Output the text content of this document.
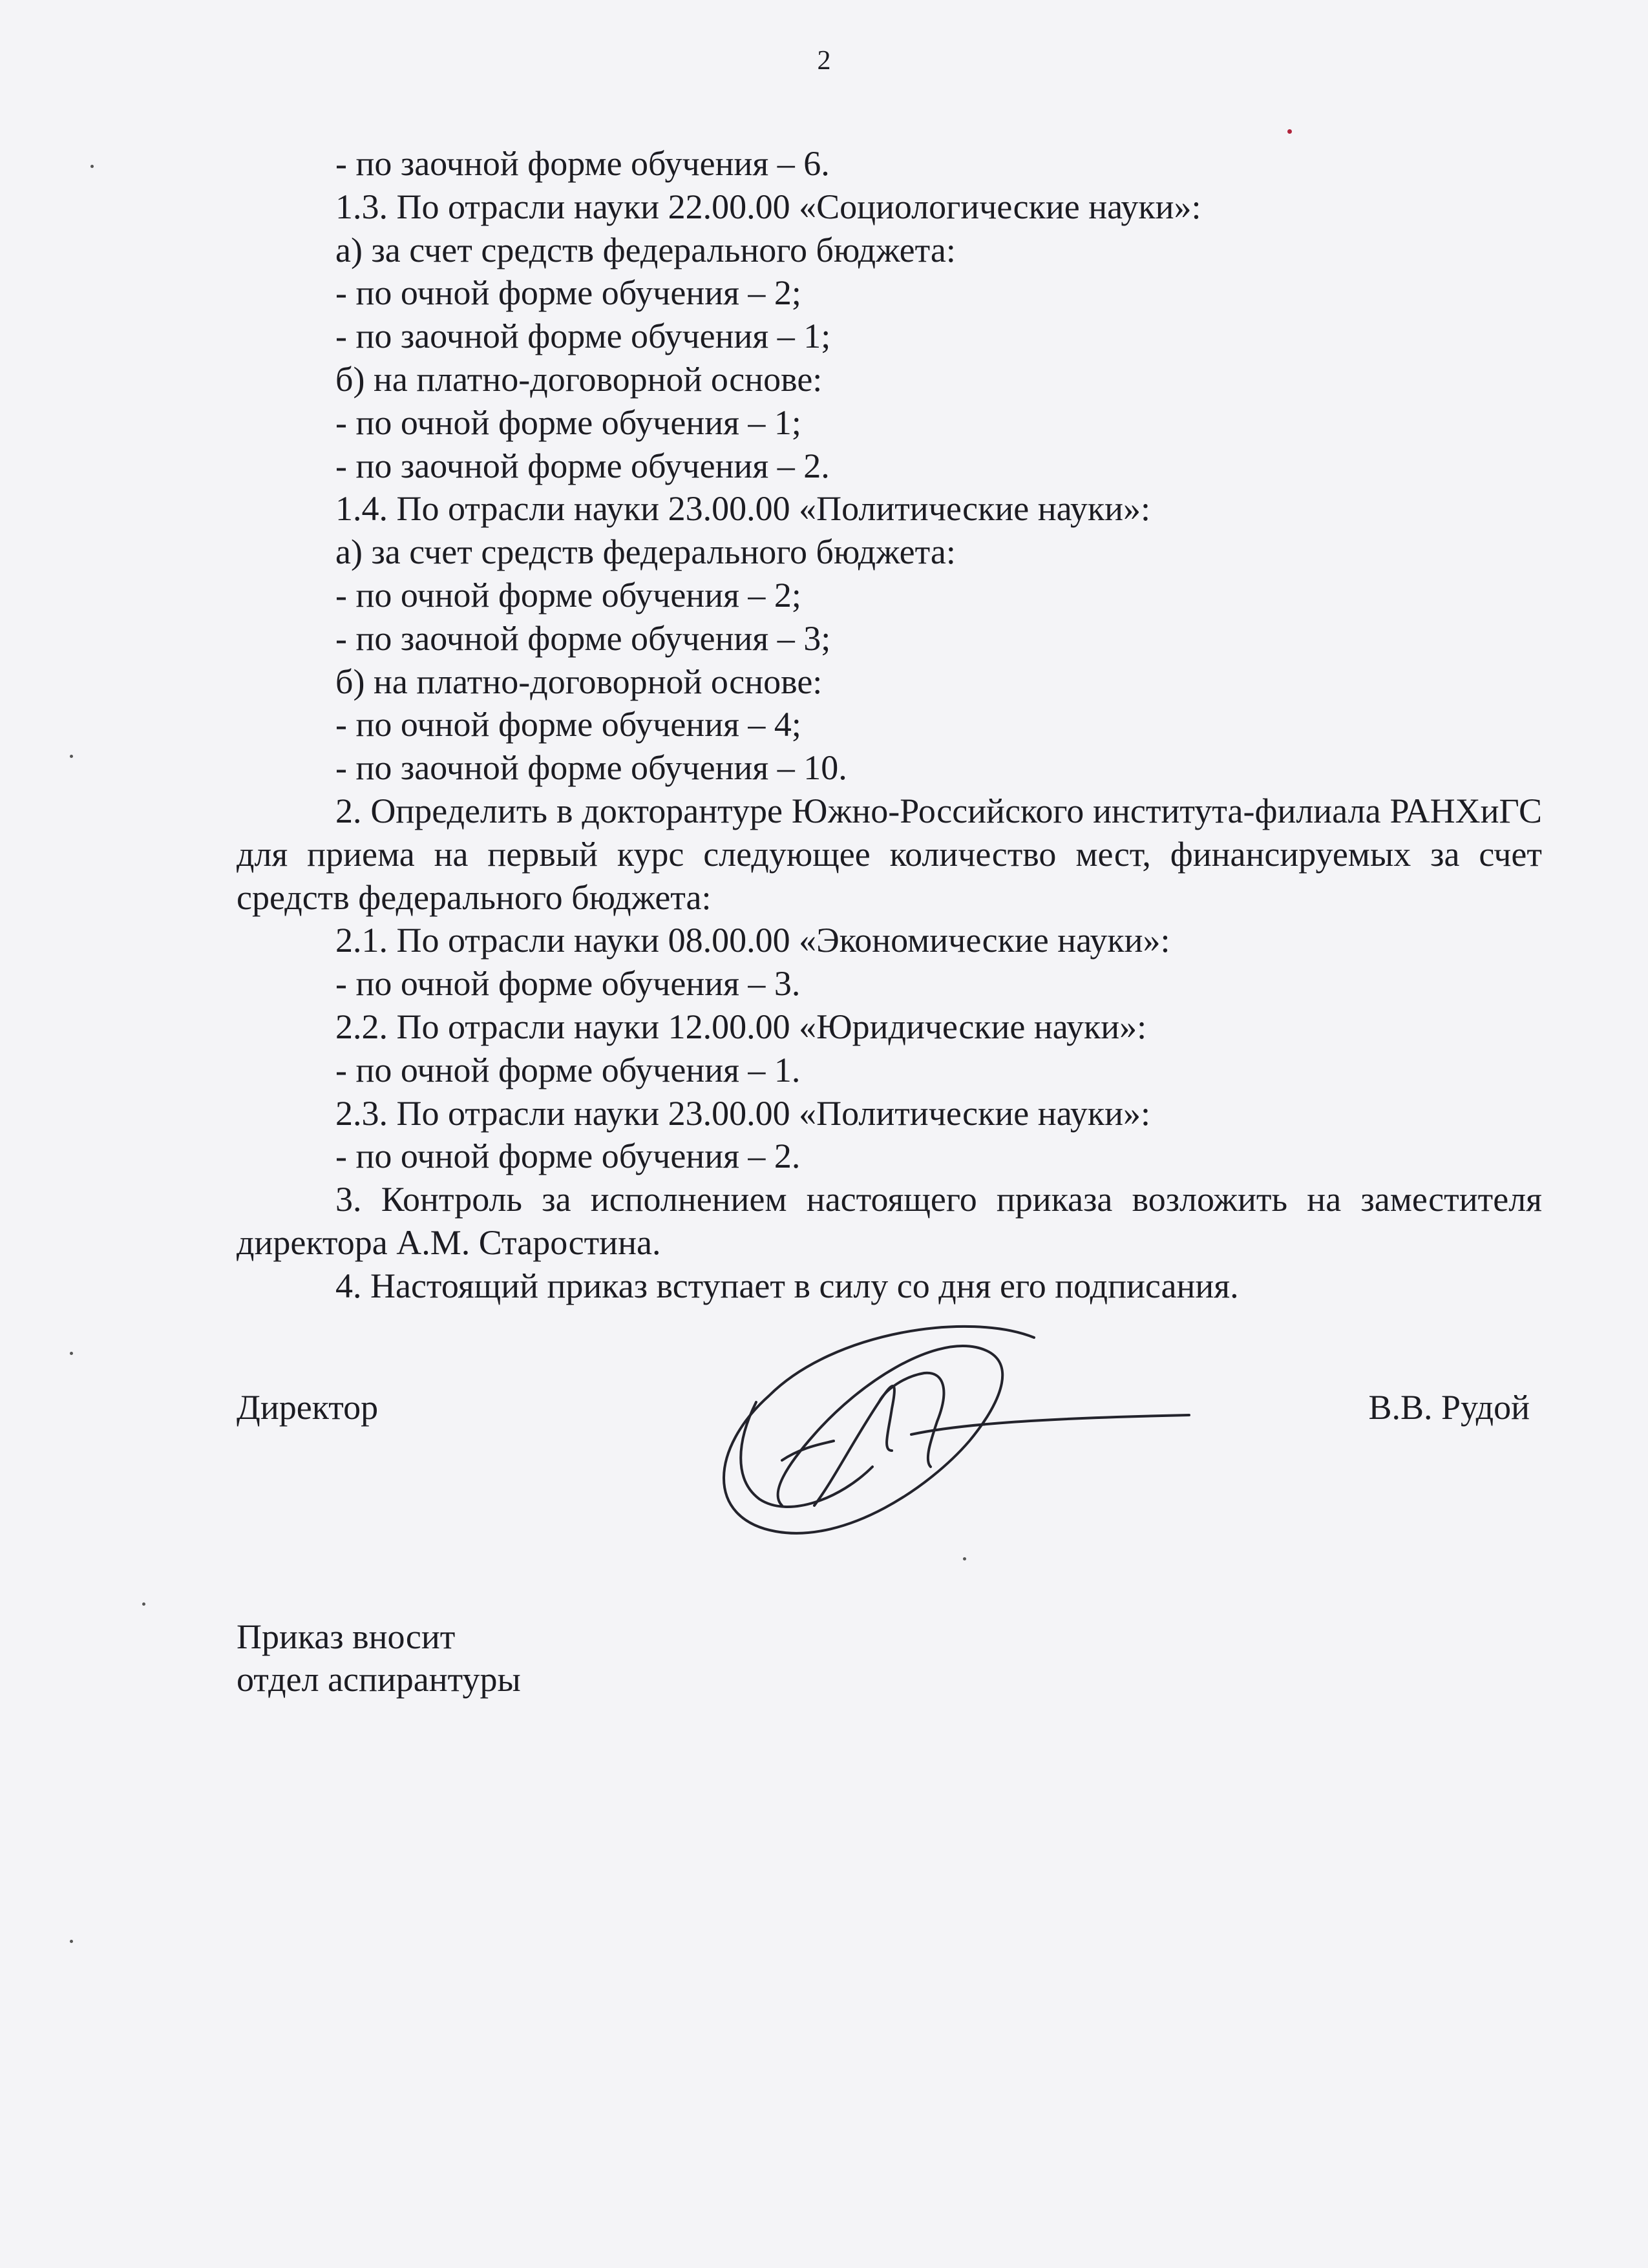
2

- по заочной форме обучения – 6.

1.3. По отрасли науки 22.00.00 «Социологические науки»:

а) за счет средств федерального бюджета:

- по очной форме обучения – 2;

- по заочной форме обучения – 1;

б) на платно-договорной основе:

- по очной форме обучения – 1;

- по заочной форме обучения – 2.

1.4. По отрасли науки 23.00.00 «Политические науки»:

а) за счет средств федерального бюджета:

- по очной форме обучения – 2;

- по заочной форме обучения – 3;

б) на платно-договорной основе:

- по очной форме обучения – 4;

- по заочной форме обучения – 10.

2. Определить в докторантуре Южно-Российского института-филиала РАНХиГС для приема на первый курс следующее количество мест, финансируемых за счет средств федерального бюджета:

2.1. По отрасли науки 08.00.00 «Экономические науки»:

- по очной форме обучения – 3.

2.2. По отрасли науки 12.00.00 «Юридические науки»:

- по очной форме обучения – 1.

2.3. По отрасли науки 23.00.00 «Политические науки»:

- по очной форме обучения – 2.

3. Контроль за исполнением настоящего приказа возложить на заместителя директора А.М. Старостина.

4. Настоящий приказ вступает в силу со дня его подписания.

Директор	В.В. Рудой
Приказ вносит
отдел аспирантуры
